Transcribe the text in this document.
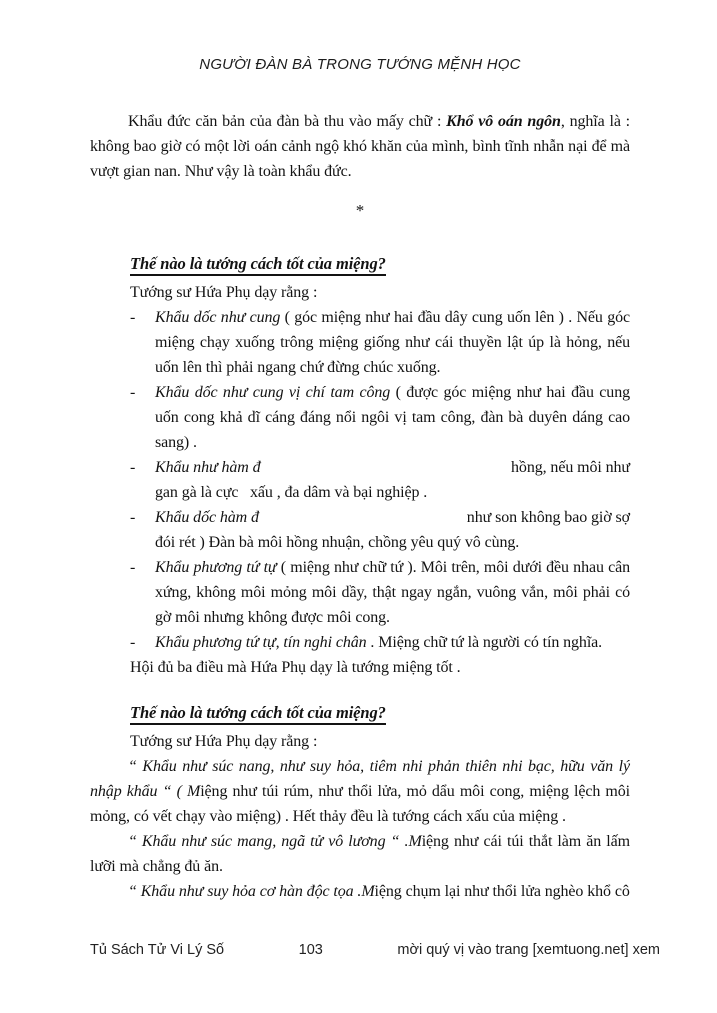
NGƯỜI ĐÀN BÀ TRONG TƯỚNG MỆNH HỌC

Khẩu đức căn bản của đàn bà thu vào mấy chữ : Khổ vô oán ngôn, nghĩa là : không bao giờ có một lời oán cảnh ngộ khó khăn của mình, bình tĩnh nhẫn nại để mà vượt gian nan. Như vậy là toàn khẩu đức.

*
Thế nào là tướng cách tốt của miệng?

Tướng sư Hứa Phụ dạy rằng :

- Khẩu dốc như cung ( góc miệng như hai đầu dây cung uốn lên ) . Nếu góc miệng chạy xuống trông miệng giống như cái thuyền lật úp là hỏng, nếu uốn lên thì phải ngang chứ đừng chúc xuống.
- Khẩu dốc như cung vị chí tam công ( được góc miệng như hai đầu cung uốn cong khả dĩ cáng đáng nổi ngôi vị tam công, đàn bà duyên dáng cao sang) .
- Khẩu như hàm đ	hồng, nếu môi như
gan gà là cực   xấu , đa dâm và bại nghiệp .
- Khẩu dốc hàm đ	như son không bao giờ sợ
đói rét ) Đàn bà môi hồng nhuận, chồng yêu quý vô cùng.
- Khẩu phương tứ tự ( miệng như chữ tứ ). Môi trên, môi dưới đều nhau cân xứng, không môi mỏng môi dầy, thật ngay ngắn, vuông vắn, môi phải có gờ môi nhưng không được môi cong.
- Khẩu phương tứ tự, tín nghi chân . Miệng chữ tứ là người có tín nghĩa.

Hội đủ ba điều mà Hứa Phụ dạy là tướng miệng tốt .

Thế nào là tướng cách tốt của miệng?

Tướng sư Hứa Phụ dạy rằng :

“ Khẩu như súc nang, như suy hỏa, tiêm nhi phản thiên nhi bạc, hữu văn lý nhập khẩu “ ( Miệng như túi rúm, như thổi lửa, mỏ dẩu môi cong, miệng lệch môi mỏng, có vết chạy vào miệng) . Hết thảy đều là tướng cách xấu của miệng .

“ Khẩu như súc mang, ngã tử vô lương “ .Miệng như cái túi thắt làm ăn lấm lưỡi mà chẳng đủ ăn.

“ Khẩu như suy hỏa cơ hàn độc tọa .Miệng chụm lại như thổi lửa nghèo khổ cô

Tủ Sách Tử Vi Lý Số	103	mời quý vị vào trang [xemtuong.net] xem
